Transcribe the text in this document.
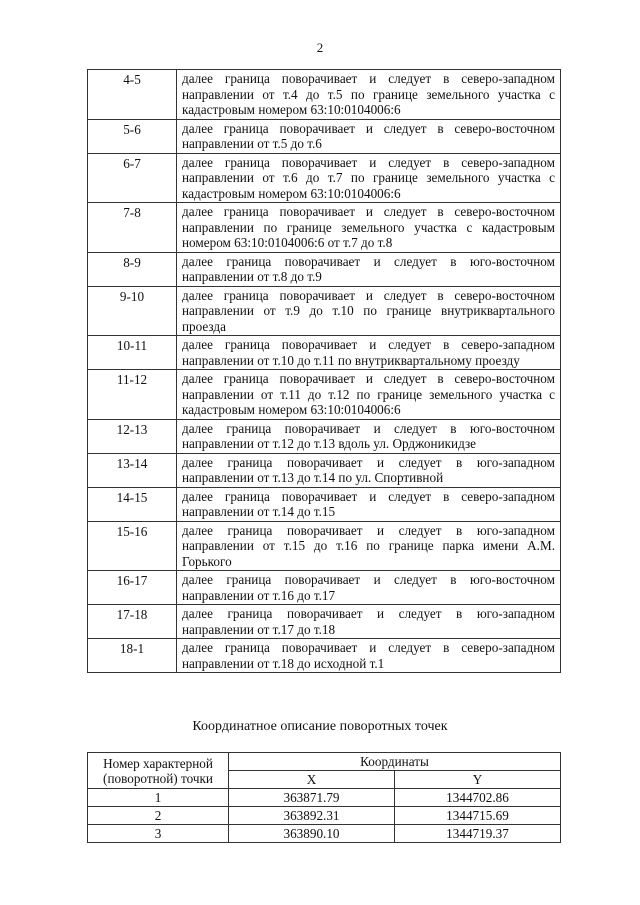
2
4-5	далее граница поворачивает и следует в северо-западном направлении от т.4 до т.5 по границе земельного участка с кадастровым номером 63:10:0104006:6
5-6	далее граница поворачивает и следует в северо-восточном направлении от т.5 до т.6
6-7	далее граница поворачивает и следует в северо-западном направлении от т.6 до т.7 по границе земельного участка с кадастровым номером 63:10:0104006:6
7-8	далее граница поворачивает и следует в северо-восточном направлении по границе земельного участка с кадастровым номером 63:10:0104006:6 от т.7 до т.8
8-9	далее граница поворачивает и следует в юго-восточном направлении от т.8 до т.9
9-10	далее граница поворачивает и следует в северо-восточном направлении от т.9 до т.10 по границе внутриквартального проезда
10-11	далее граница поворачивает и следует в северо-западном направлении от т.10 до т.11 по внутриквартальному проезду
11-12	далее граница поворачивает и следует в северо-восточном направлении от т.11 до т.12 по границе земельного участка с кадастровым номером 63:10:0104006:6
12-13	далее граница поворачивает и следует в юго-восточном направлении от т.12 до т.13 вдоль ул. Орджоникидзе
13-14	далее граница поворачивает и следует в юго-западном направлении от т.13 до т.14 по ул. Спортивной
14-15	далее граница поворачивает и следует в северо-западном направлении от т.14 до т.15
15-16	далее граница поворачивает и следует в юго-западном направлении от т.15 до т.16 по границе парка имени А.М. Горького
16-17	далее граница поворачивает и следует в юго-восточном направлении от т.16 до т.17
17-18	далее граница поворачивает и следует в юго-западном направлении от т.17 до т.18
18-1	далее граница поворачивает и следует в северо-западном направлении от т.18 до исходной т.1
Координатное описание поворотных точек
Номер характерной (поворотной) точки	Координаты	
	X	Y
1	363871.79	1344702.86
2	363892.31	1344715.69
3	363890.10	1344719.37
